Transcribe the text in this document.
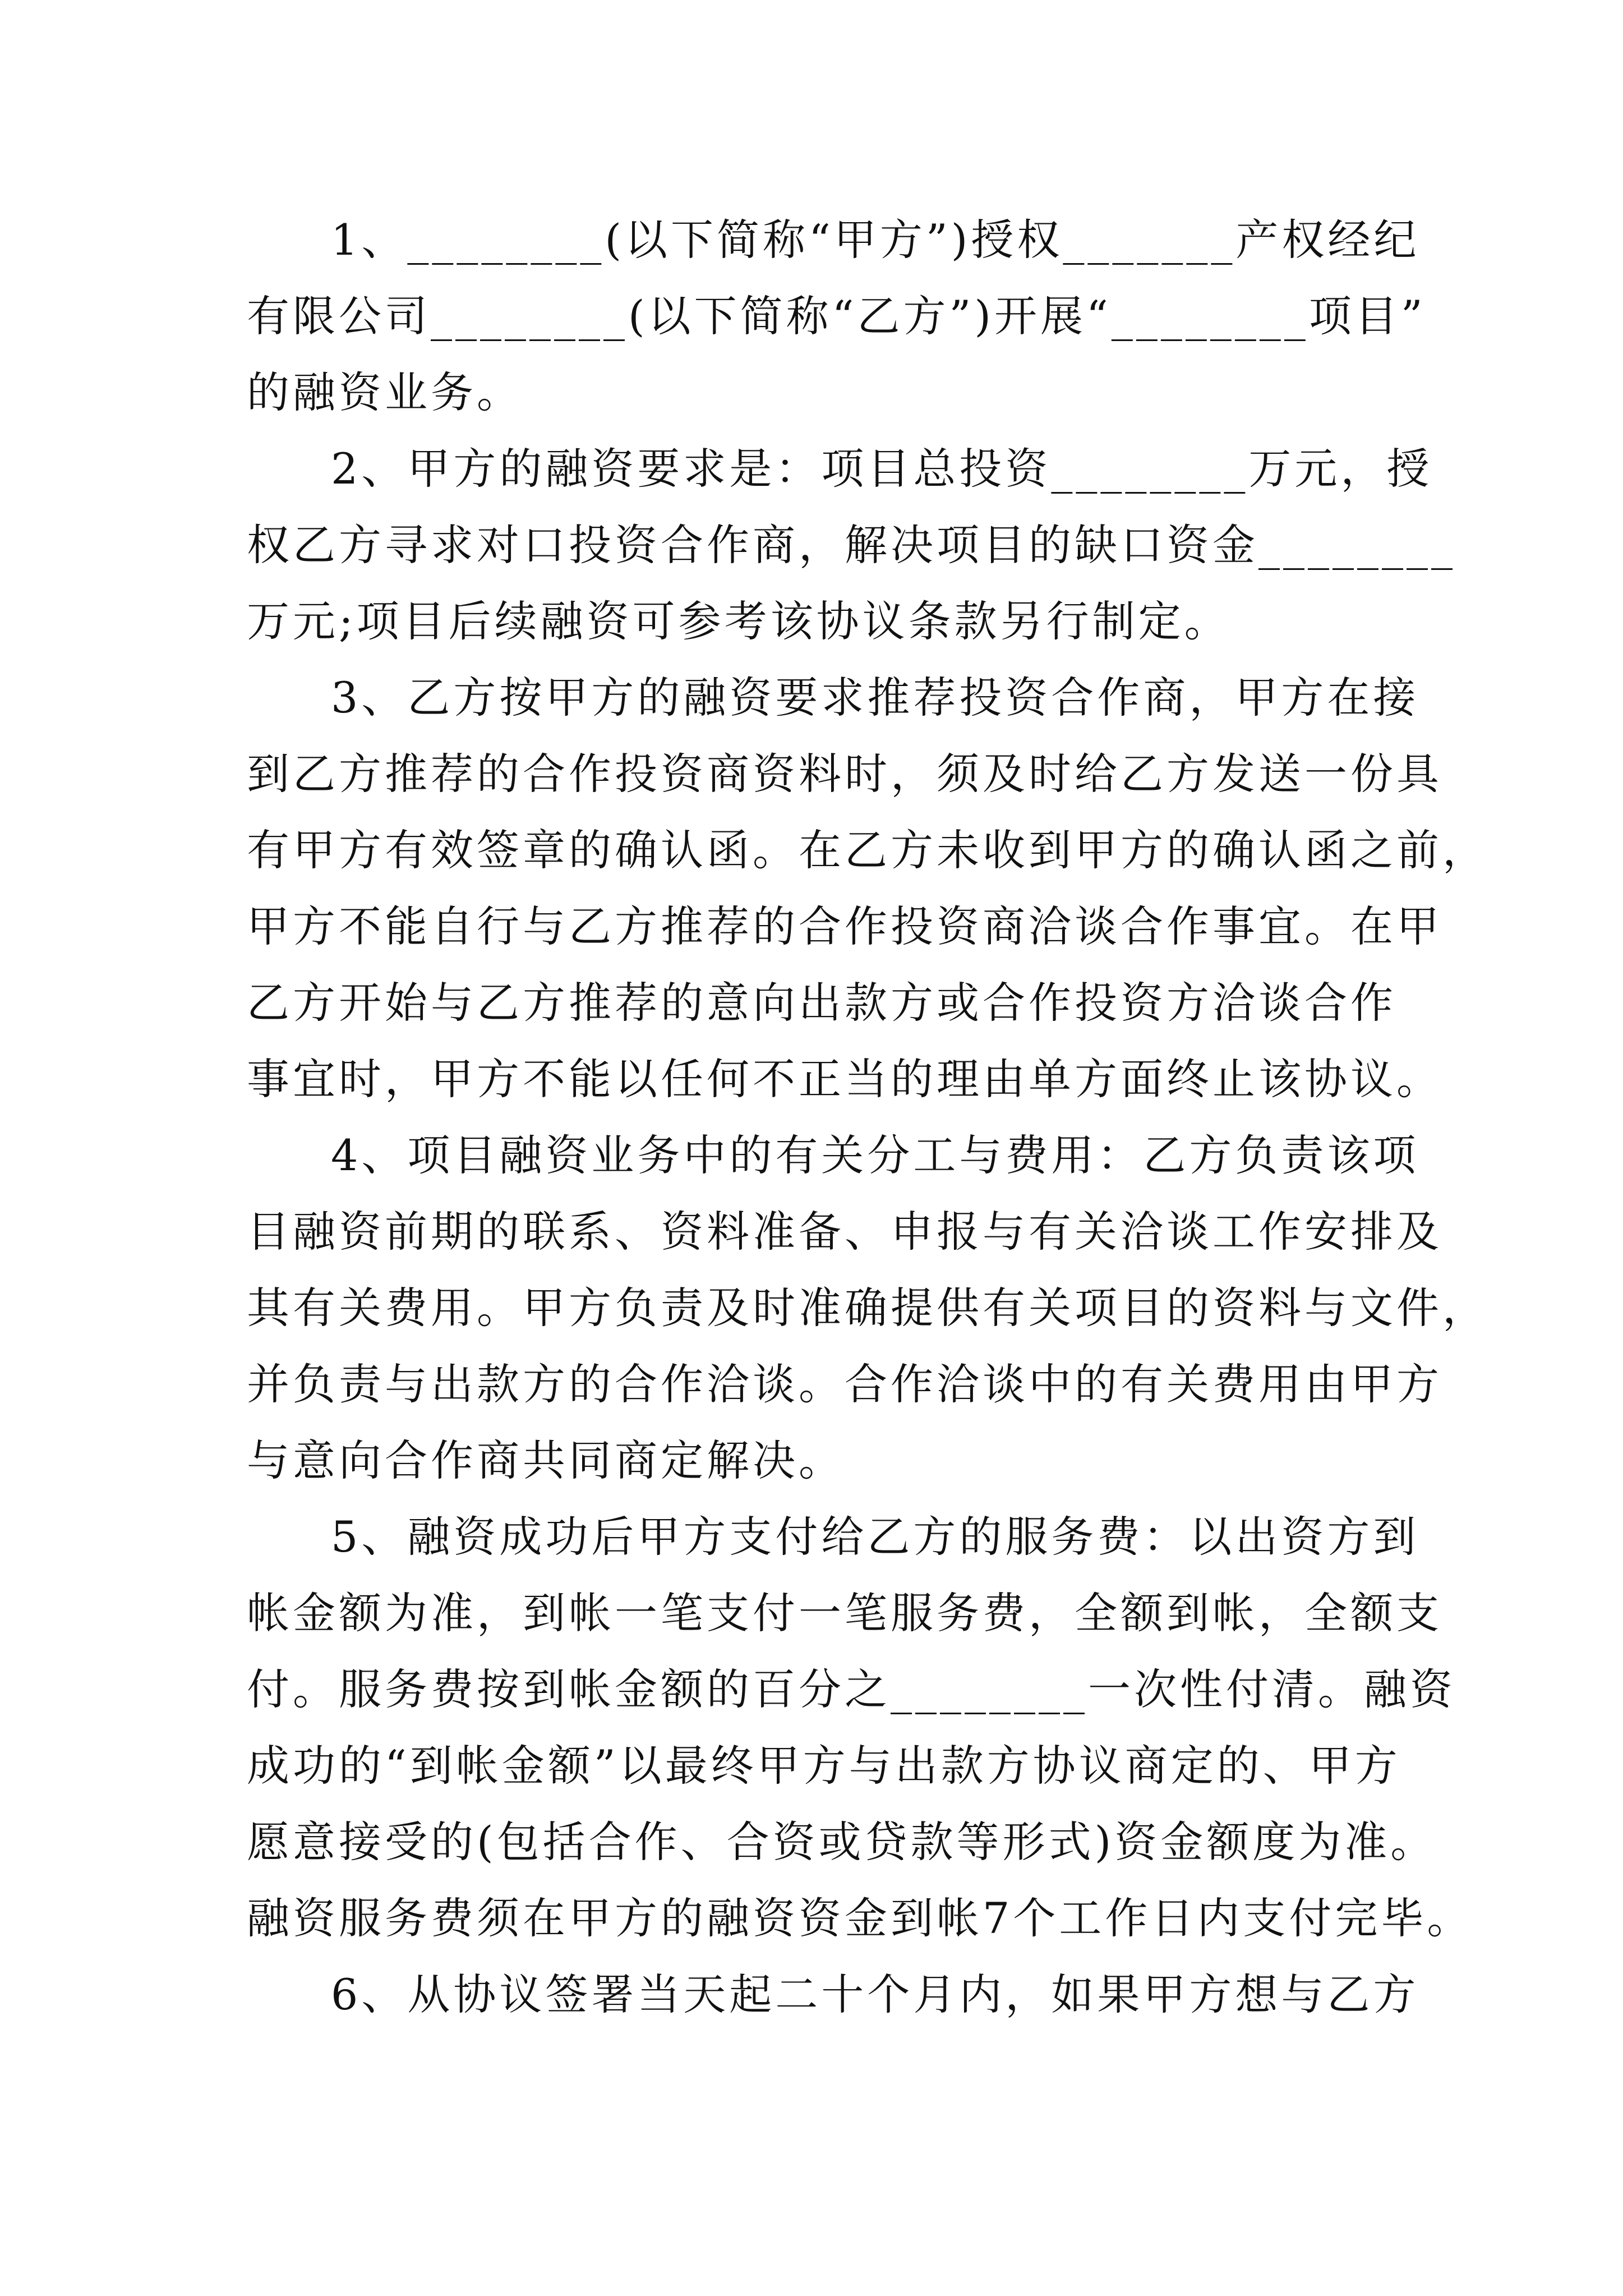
1、________(以下简称“甲方”)授权_______产权经纪
有限公司________(以下简称“乙方”)开展“________项目”
的融资业务。
2、甲方的融资要求是：项目总投资________万元，授
权乙方寻求对口投资合作商，解决项目的缺口资金________
万元;项目后续融资可参考该协议条款另行制定。
3、乙方按甲方的融资要求推荐投资合作商，甲方在接
到乙方推荐的合作投资商资料时，须及时给乙方发送一份具
有甲方有效签章的确认函。在乙方未收到甲方的确认函之前，
甲方不能自行与乙方推荐的合作投资商洽谈合作事宜。在甲
乙方开始与乙方推荐的意向出款方或合作投资方洽谈合作
事宜时，甲方不能以任何不正当的理由单方面终止该协议。
4、项目融资业务中的有关分工与费用：乙方负责该项
目融资前期的联系、资料准备、申报与有关洽谈工作安排及
其有关费用。甲方负责及时准确提供有关项目的资料与文件，
并负责与出款方的合作洽谈。合作洽谈中的有关费用由甲方
与意向合作商共同商定解决。
5、融资成功后甲方支付给乙方的服务费：以出资方到
帐金额为准，到帐一笔支付一笔服务费，全额到帐，全额支
付。服务费按到帐金额的百分之________一次性付清。融资
成功的“到帐金额”以最终甲方与出款方协议商定的、甲方
愿意接受的(包括合作、合资或贷款等形式)资金额度为准。
融资服务费须在甲方的融资资金到帐7个工作日内支付完毕。
6、从协议签署当天起二十个月内，如果甲方想与乙方
